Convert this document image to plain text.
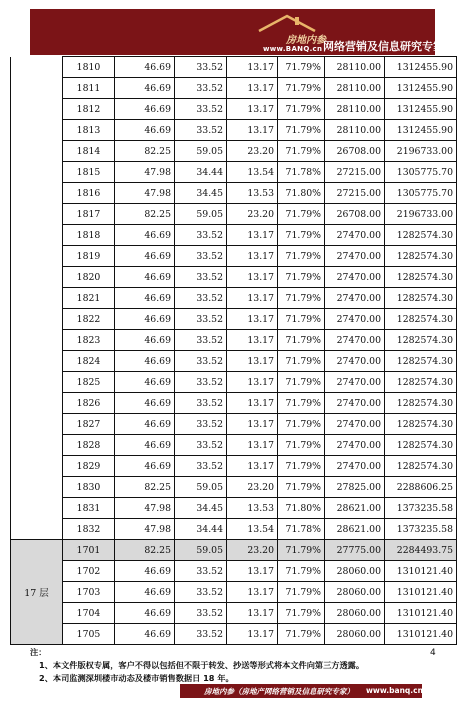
房地内参
www.BANQ.cn 网络营销及信息研究专家
	1810	46.69	33.52	13.17	71.79%	28110.00	1312455.90
	1811	46.69	33.52	13.17	71.79%	28110.00	1312455.90
	1812	46.69	33.52	13.17	71.79%	28110.00	1312455.90
	1813	46.69	33.52	13.17	71.79%	28110.00	1312455.90
	1814	82.25	59.05	23.20	71.79%	26708.00	2196733.00
	1815	47.98	34.44	13.54	71.78%	27215.00	1305775.70
	1816	47.98	34.45	13.53	71.80%	27215.00	1305775.70
	1817	82.25	59.05	23.20	71.79%	26708.00	2196733.00
	1818	46.69	33.52	13.17	71.79%	27470.00	1282574.30
	1819	46.69	33.52	13.17	71.79%	27470.00	1282574.30
	1820	46.69	33.52	13.17	71.79%	27470.00	1282574.30
	1821	46.69	33.52	13.17	71.79%	27470.00	1282574.30
	1822	46.69	33.52	13.17	71.79%	27470.00	1282574.30
	1823	46.69	33.52	13.17	71.79%	27470.00	1282574.30
	1824	46.69	33.52	13.17	71.79%	27470.00	1282574.30
	1825	46.69	33.52	13.17	71.79%	27470.00	1282574.30
	1826	46.69	33.52	13.17	71.79%	27470.00	1282574.30
	1827	46.69	33.52	13.17	71.79%	27470.00	1282574.30
	1828	46.69	33.52	13.17	71.79%	27470.00	1282574.30
	1829	46.69	33.52	13.17	71.79%	27470.00	1282574.30
	1830	82.25	59.05	23.20	71.79%	27825.00	2288606.25
	1831	47.98	34.45	13.53	71.80%	28621.00	1373235.58
	1832	47.98	34.44	13.54	71.78%	28621.00	1373235.58
17 层	1701	82.25	59.05	23.20	71.79%	27775.00	2284493.75
	1702	46.69	33.52	13.17	71.79%	28060.00	1310121.40
	1703	46.69	33.52	13.17	71.79%	28060.00	1310121.40
	1704	46.69	33.52	13.17	71.79%	28060.00	1310121.40
	1705	46.69	33.52	13.17	71.79%	28060.00	1310121.40
4
注：
1、本文件版权专属，客户不得以包括但不限于转发、抄送等形式将本文件向第三方透露。
2、本司监测深圳楼市动态及楼市销售数据日 18 年。
房地内参（房地产网络营销及信息研究专家） www.banq.cn
